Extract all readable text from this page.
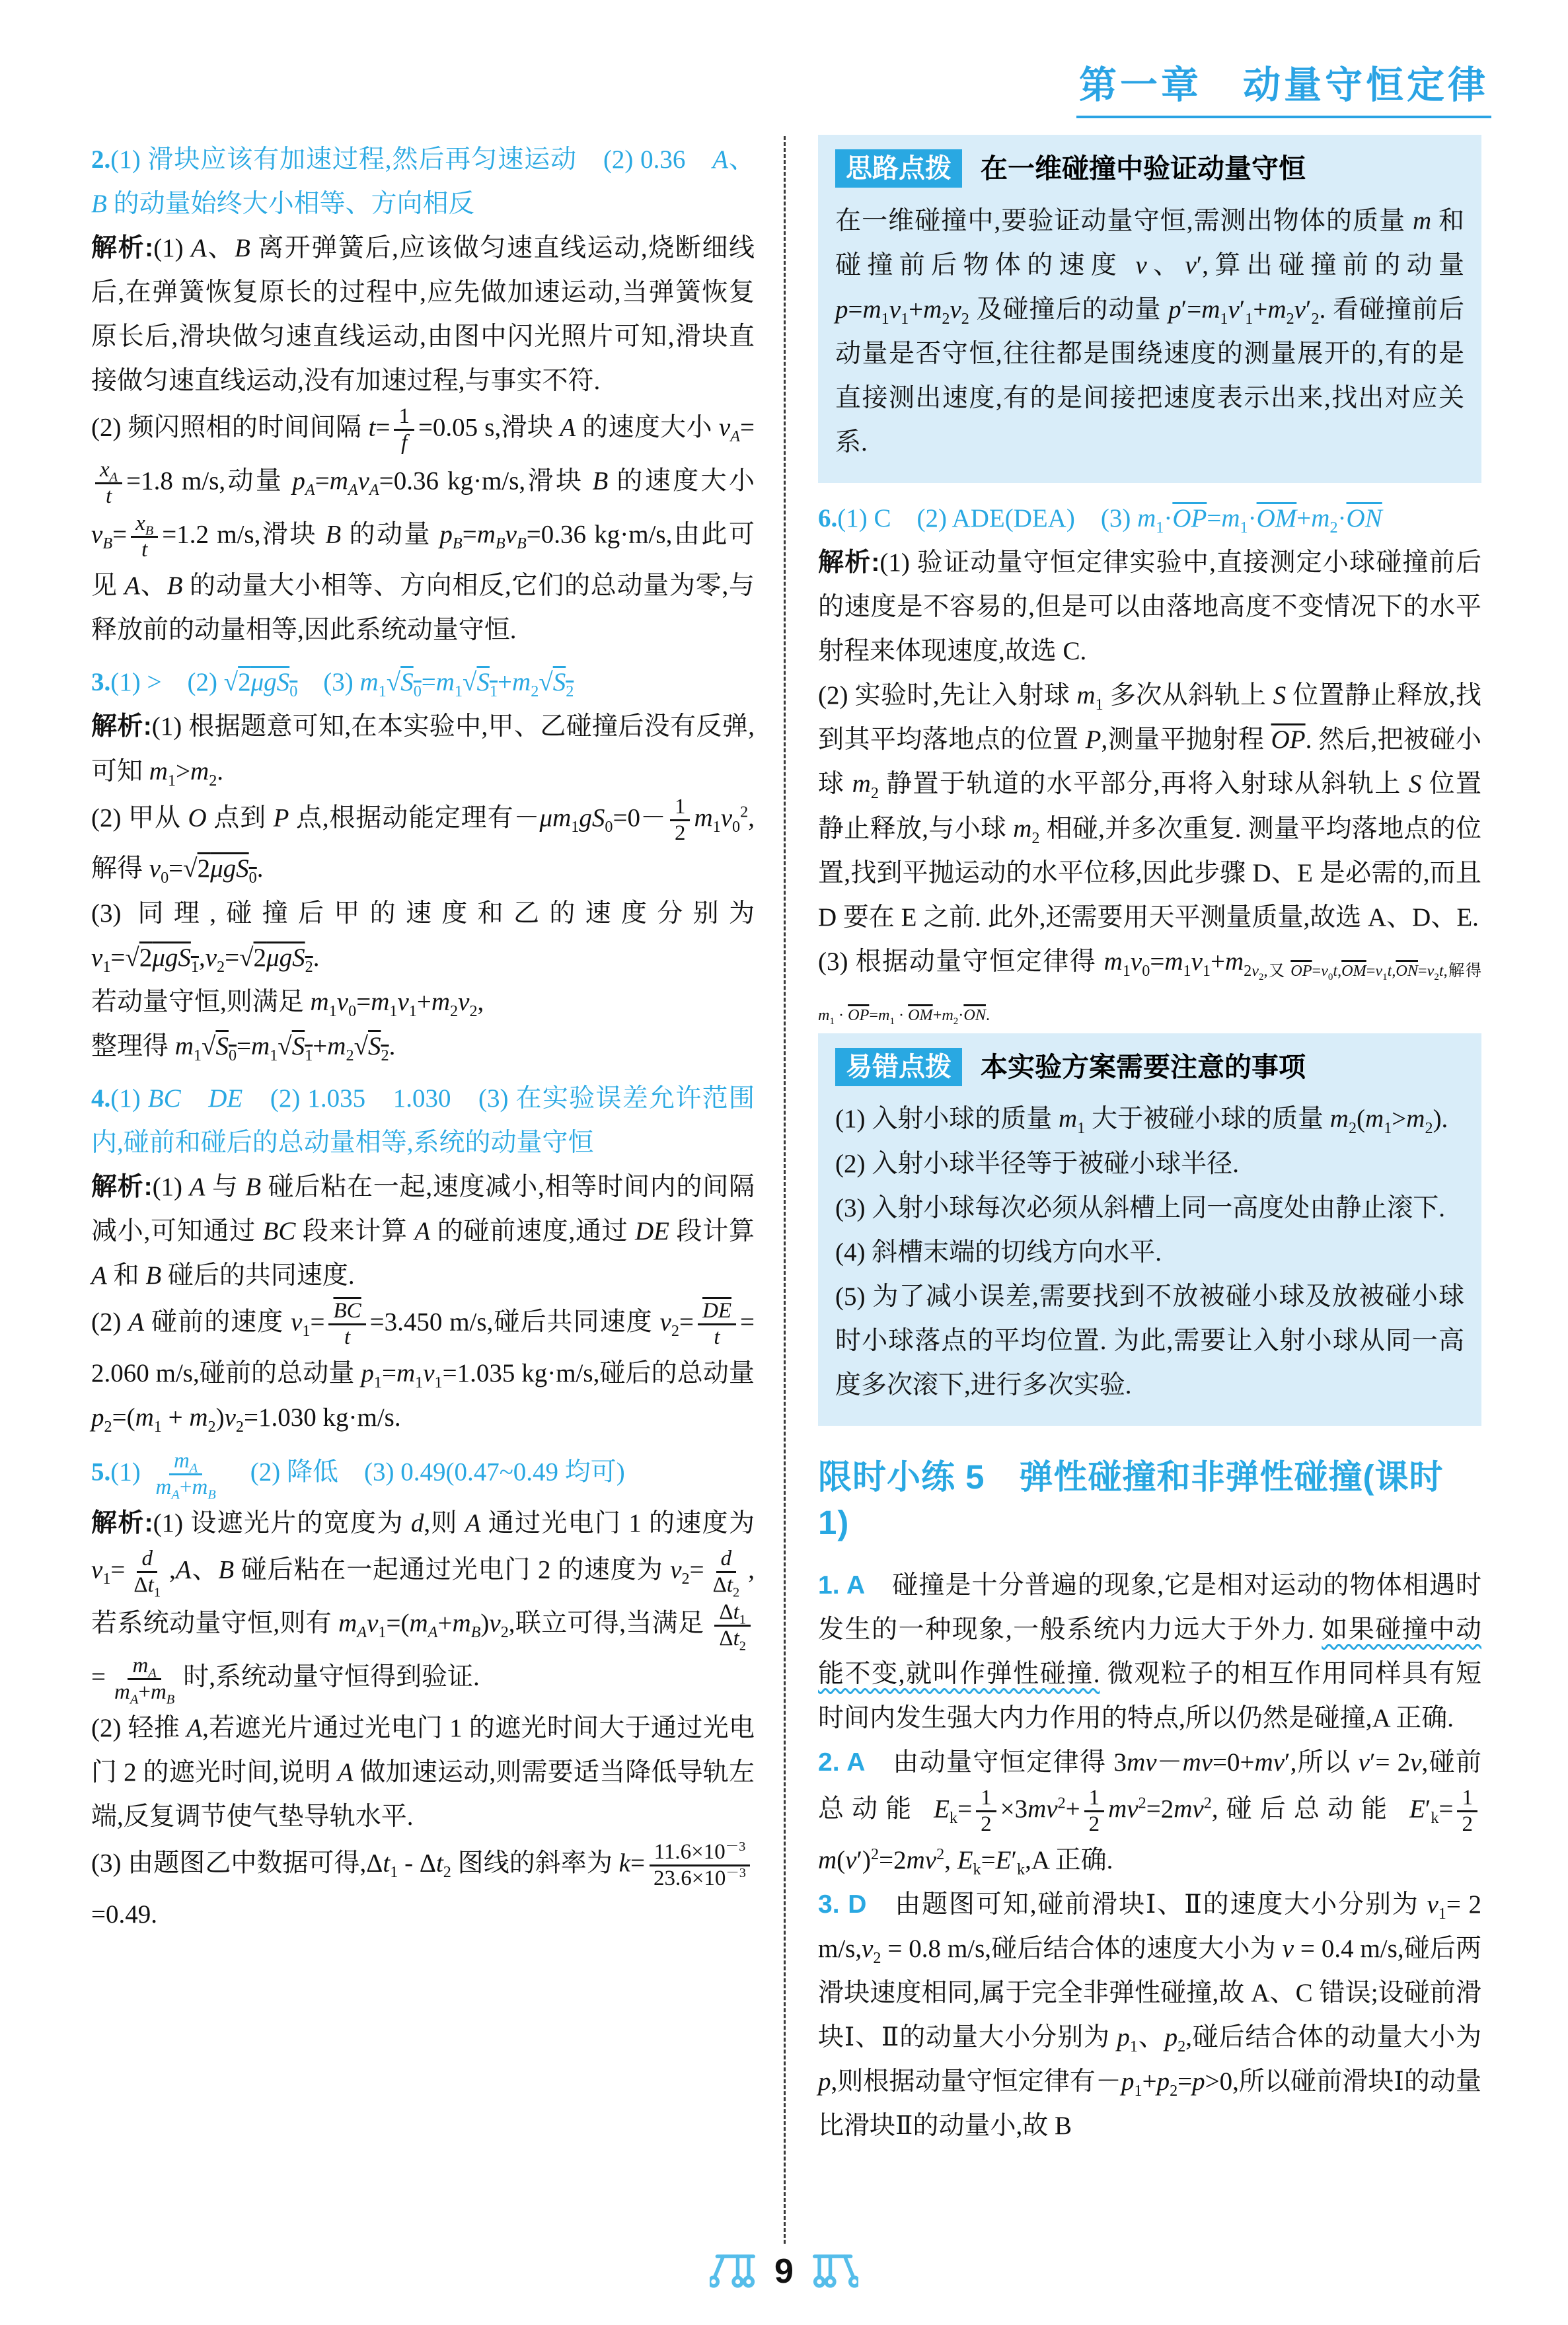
第一章　动量守恒定律

2.(1) 滑块应该有加速过程,然后再匀速运动　(2) 0.36　A、B 的动量始终大小相等、方向相反

解析:(1) A、B 离开弹簧后,应该做匀速直线运动,烧断细线后,在弹簧恢复原长的过程中,应先做加速运动,当弹簧恢复原长后,滑块做匀速直线运动,由图中闪光照片可知,滑块直接做匀速直线运动,没有加速过程,与事实不符.

(2) 频闪照相的时间间隔 $t= \frac{1}{f} =0.05$ s,滑块 A 的速度大小 $v_A=$
$\frac{x_A}{t} =1.8$ m/s,动量 $p_A=m_Av_A=0.36$ kg·m/s,滑块 B 的速度大小 $v_B= \frac{x_B}{t} =1.2$ m/s,滑块 B 的动量 $p_B=m_Bv_B=0.36$ kg·m/s,由此可见 A、B 的动量大小相等、方向相反,它们的总动量为零,与释放前的动量相等,因此系统动量守恒.

3.(1) >　(2) √2μgS$_0$　(3) $m_1√S_0=m_1√S_1+m_2√S_2$

解析:(1) 根据题意可知,在本实验中,甲、乙碰撞后没有反弹,可知 $m_1>m_2$.

(2) 甲从 O 点到 P 点,根据动能定理有$-\mu m_1gS_0=0- \frac{1}{2} m_1v_0^2$,解得 $v_0=√2\mu gS_0$.

(3) 同理,碰撞后甲的速度和乙的速度分别为 $v_1=√2\mu gS_1,v_2=√2\mu gS_2$.

若动量守恒,则满足 $m_1v_0=m_1v_1+m_2v_2$,

整理得 $m_1√S_0=m_1√S_1+m_2√S_2$.

4.(1) BC　 DE　(2) 1.035　1.030　(3) 在实验误差允许范围内,碰前和碰后的总动量相等,系统的动量守恒

解析:(1) A 与 B 碰后粘在一起,速度减小,相等时间内的间隔减小,可知通过 BC 段来计算 A 的碰前速度,通过 DE 段计算 A 和 B 碰后的共同速度.

(2) A 碰前的速度 $v_1= \frac{\overline{BC}}{t} =3.450$ m/s,碰后共同速度 $v_2= \frac{\overline{DE}}{t} = 2.060$ m/s,碰前的总动量 $p_1=m_1v_1=1.035$ kg·m/s,碰后的总动量 $p_2=(m_1 + m_2)v_2=1.030$ kg·m/s.

$5.(1) \frac{m_A}{m_A+m_B}$ 　(2) 降低　(3) 0.49(0.47~0.49 均可)

解析:(1) 设遮光片的宽度为 d,则 A 通过光电门 1 的速度为 $v_1= \frac{d}{\Delta t_1} ,A$、B 碰后粘在一起通过光电门 2 的速度为 $v_2= \frac{d}{\Delta t_2}$ ,若系统动量守恒,则有 $m_Av_1=(m_A+m_B)v_2$,联立可得,当满足 $\frac{\Delta t_1}{\Delta t_2}$
= $\frac{m_A}{m_A+m_B}$ 时,系统动量守恒得到验证.

(2) 轻推 A,若遮光片通过光电门 1 的遮光时间大于通过光电门 2 的遮光时间,说明 A 做加速运动,则需要适当降低导轨左端,反复调节使气垫导轨水平.

(3) 由题图乙中数据可得$,\Delta t_1 - \Delta t_2$ 图线的斜率为 $k= \frac{11.6\times 10^{-3}}{23.6\times 10^{-3}}$
=0.49.

思路点拨	在一维碰撞中验证动量守恒

在一维碰撞中,要验证动量守恒,需测出物体的质量 m 和碰撞前后物体的速度 v、v′,算出碰撞前的动量 $p=m_1v_1+m_2v_2$ 及碰撞后的动量 $p'=m_1v'_1+m_2v'_2$. 看碰撞前后动量是否守恒,往往都是围绕速度的测量展开的,有的是直接测出速度,有的是间接把速度表示出来,找出对应关系.

6.(1) C　(2) ADE(DEA)　(3) $m_1\cdot\overline{OP}=m_1\cdot\overline{OM}+m_2\cdot\overline{ON}$

解析:(1) 验证动量守恒定律实验中,直接测定小球碰撞前后的速度是不容易的,但是可以由落地高度不变情况下的水平射程来体现速度,故选 C.

(2) 实验时,先让入射球 $m_1$ 多次从斜轨上 S 位置静止释放,找到其平均落地点的位置 P,测量平抛射程 $\overline{OP}$. 然后,把被碰小球 $m_2$ 静置于轨道的水平部分,再将入射球从斜轨上 S 位置静止释放,与小球 $m_2$ 相碰,并多次重复. 测量平均落地点的位置,找到平抛运动的水平位移,因此步骤 D、E 是必需的,而且 D 要在 E 之前. 此外,还需要用天平测量质量,故选 A、D、E.

(3) 根据动量守恒定律得 $m_1v_0=m_1v_1+m_{2v_2,又 \overline{OP}=v_0t,\overline{OM}=v_1t,\overline{ON}=v_2t,解得 m_1 \cdot \overline{OP}=m_1 \cdot \overline{OM}+m_2\cdot\overline{ON}.}$

易错点拨	本实验方案需要注意的事项

(1) 入射小球的质量 $m_1$ 大于被碰小球的质量 $m_2(m_1>m_2)$.

(2) 入射小球半径等于被碰小球半径.

(3) 入射小球每次必须从斜槽上同一高度处由静止滚下.

(4) 斜槽末端的切线方向水平.

(5) 为了减小误差,需要找到不放被碰小球及放被碰小球时小球落点的平均位置. 为此,需要让入射小球从同一高度多次滚下,进行多次实验.

限时小练 5　弹性碰撞和非弹性碰撞(课时 1)

1. A　碰撞是十分普遍的现象,它是相对运动的物体相遇时发生的一种现象,一般系统内力远大于外力. 如果碰撞中动能不变,就叫作弹性碰撞. 微观粒子的相互作用同样具有短时间内发生强大内力作用的特点,所以仍然是碰撞,A 正确.

2. A　由动量守恒定律得 3mv－mv=0+mv′,所以 v′= 2v,碰前总动能 $E_k= \frac{1}{2} \times 3mv^2+ \frac{1}{2} mv^2=2mv^2$,碰后总动能 $E'_k= \frac{1}{2}$
$m(v')^2=2mv^2$, $E_k=E'_k,A$ 正确.

3. D　由题图可知,碰前滑块Ⅰ、Ⅱ的速度大小分别为 $v_1= 2$ $m/s,v_2 = 0.8$ m/s,碰后结合体的速度大小为 v = 0.4 m/s,碰后两滑块速度相同,属于完全非弹性碰撞,故 A、C 错误;设碰前滑块Ⅰ、Ⅱ的动量大小分别为 $p_1$、$p_2$,碰后结合体的动量大小为 p,则根据动量守恒定律有$-p_1+p_2=p>0$,所以碰前滑块Ⅰ的动量比滑块Ⅱ的动量小,故 B

9
